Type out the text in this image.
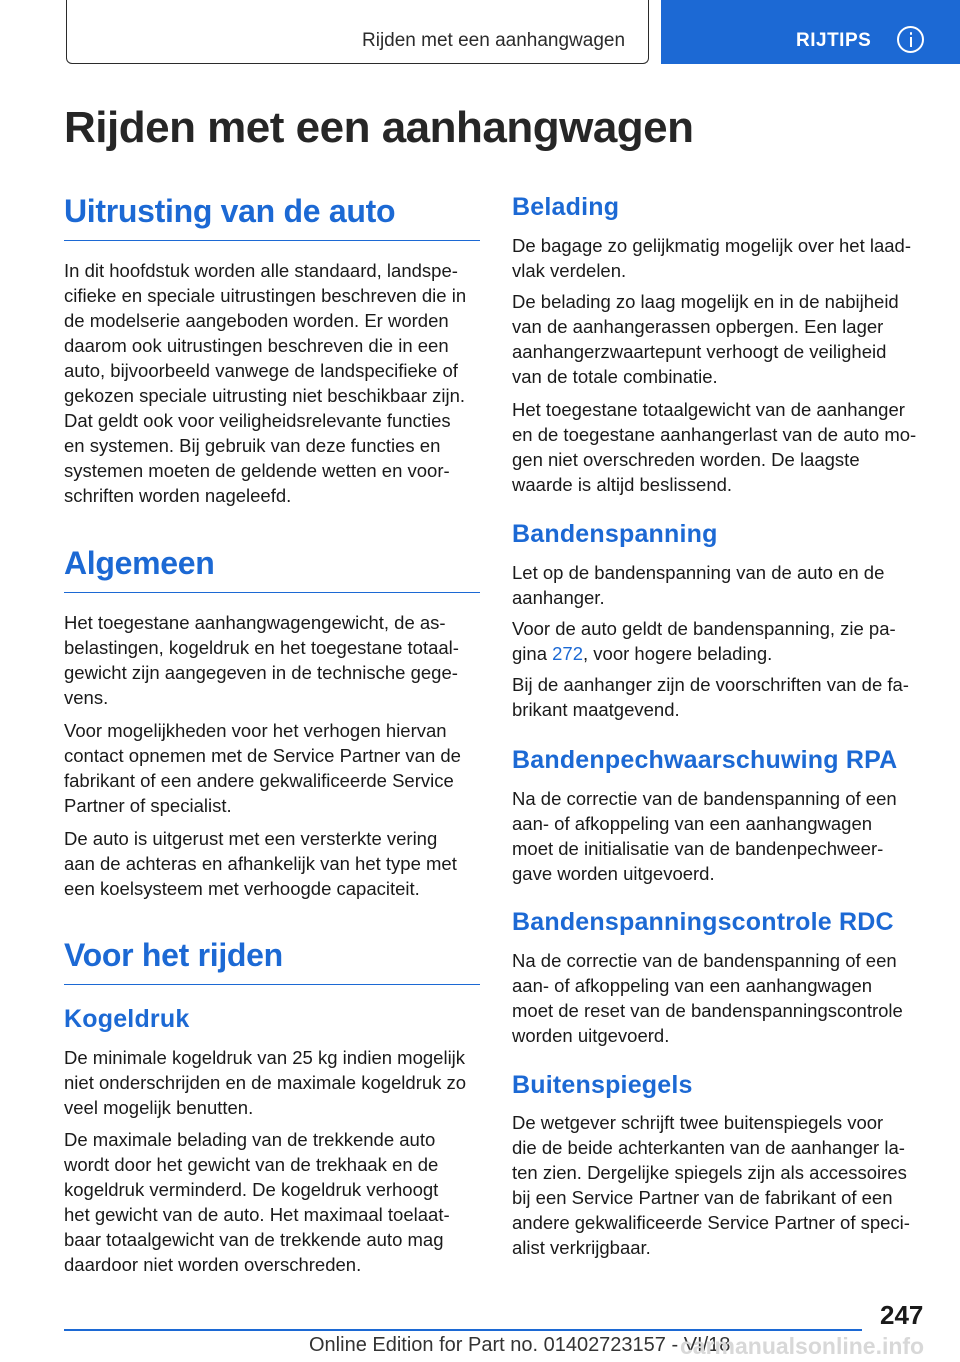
Rijden met een aanhangwagen	RIJTIPS
Rijden met een aanhangwagen
Uitrusting van de auto
In dit hoofdstuk worden alle standaard, landspe‐
cifieke en speciale uitrustingen beschreven die in
de modelserie aangeboden worden. Er worden
daarom ook uitrustingen beschreven die in een
auto, bijvoorbeeld vanwege de landspecifieke of
gekozen speciale uitrusting niet beschikbaar zijn.
Dat geldt ook voor veiligheidsrelevante functies
en systemen. Bij gebruik van deze functies en
systemen moeten de geldende wetten en voor‐
schriften worden nageleefd.
Algemeen
Het toegestane aanhangwagengewicht, de as‐
belastingen, kogeldruk en het toegestane totaal‐
gewicht zijn aangegeven in de technische gege‐
vens.
Voor mogelijkheden voor het verhogen hiervan
contact opnemen met de Service Partner van de
fabrikant of een andere gekwalificeerde Service
Partner of specialist.
De auto is uitgerust met een versterkte vering
aan de achteras en afhankelijk van het type met
een koelsysteem met verhoogde capaciteit.
Voor het rijden
Kogeldruk
De minimale kogeldruk van 25 kg indien mogelijk
niet onderschrijden en de maximale kogeldruk zo
veel mogelijk benutten.
De maximale belading van de trekkende auto
wordt door het gewicht van de trekhaak en de
kogeldruk verminderd. De kogeldruk verhoogt
het gewicht van de auto. Het maximaal toelaat‐
baar totaalgewicht van de trekkende auto mag
daardoor niet worden overschreden.
Belading
De bagage zo gelijkmatig mogelijk over het laad‐
vlak verdelen.
De belading zo laag mogelijk en in de nabijheid
van de aanhangerassen opbergen. Een lager
aanhangerzwaartepunt verhoogt de veiligheid
van de totale combinatie.
Het toegestane totaalgewicht van de aanhanger
en de toegestane aanhangerlast van de auto mo‐
gen niet overschreden worden. De laagste
waarde is altijd beslissend.
Bandenspanning
Let op de bandenspanning van de auto en de
aanhanger.
Voor de auto geldt de bandenspanning, zie pa‐
gina 272, voor hogere belading.
Bij de aanhanger zijn de voorschriften van de fa‐
brikant maatgevend.
Bandenpechwaarschuwing RPA
Na de correctie van de bandenspanning of een
aan- of afkoppeling van een aanhangwagen
moet de initialisatie van de bandenpechweer‐
gave worden uitgevoerd.
Bandenspanningscontrole RDC
Na de correctie van de bandenspanning of een
aan- of afkoppeling van een aanhangwagen
moet de reset van de bandenspanningscontrole
worden uitgevoerd.
Buitenspiegels
De wetgever schrijft twee buitenspiegels voor
die de beide achterkanten van de aanhanger la‐
ten zien. Dergelijke spiegels zijn als accessoires
bij een Service Partner van de fabrikant of een
andere gekwalificeerde Service Partner of speci‐
alist verkrijgbaar.
247
Online Edition for Part no. 01402723157 - VI/18
carmanualsonline.info
